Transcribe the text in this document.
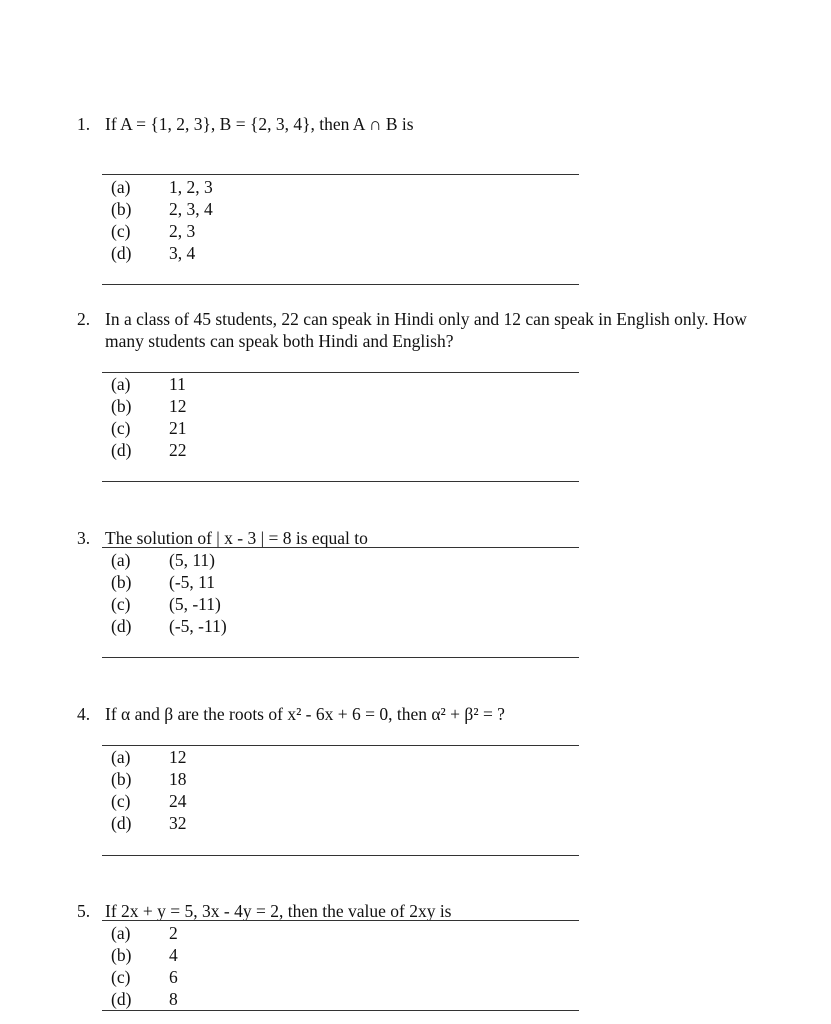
1. If A = {1, 2, 3}, B = {2, 3, 4}, then A ∩ B is
(a) 1, 2, 3
(b) 2, 3, 4
(c) 2, 3
(d) 3, 4
2. In a class of 45 students, 22 can speak in Hindi only and 12 can speak in English only. How
many students can speak both Hindi and English?
(a) 11
(b) 12
(c) 21
(d) 22
3. The solution of | x - 3 | = 8 is equal to
(a) (5, 11)
(b) (-5, 11
(c) (5, -11)
(d) (-5, -11)
4. If α and β are the roots of x² - 6x + 6 = 0, then α² + β² = ?
(a) 12
(b) 18
(c) 24
(d) 32
5. If 2x + y = 5, 3x - 4y = 2, then the value of 2xy is
(a) 2
(b) 4
(c) 6
(d) 8
